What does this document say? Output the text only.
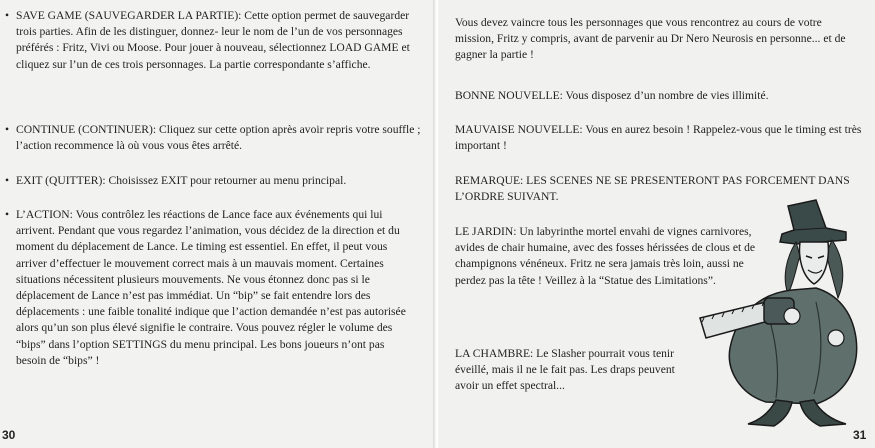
• SAVE GAME (SAUVEGARDER LA PARTIE): Cette option permet de sauvegarder trois parties. Afin de les distinguer, donnez- leur le nom de l’un de vos personnages préférés : Fritz, Vivi ou Moose. Pour jouer à nouveau, sélectionnez LOAD GAME et cliquez sur l’un de ces trois personnages. La partie correspondante s’affiche.

• CONTINUE (CONTINUER): Cliquez sur cette option après avoir repris votre souffle ; l’action recommence là où vous vous êtes arrêté.

• EXIT (QUITTER): Choisissez EXIT pour retourner au menu principal.

• L’ACTION: Vous contrôlez les réactions de Lance face aux événements qui lui arrivent. Pendant que vous regardez l’animation, vous décidez de la direction et du moment du déplacement de Lance. Le timing est essentiel. En effet, il peut vous arriver d’effectuer le mouvement correct mais à un mauvais moment. Certaines situations nécessitent plusieurs mouvements. Ne vous étonnez donc pas si le déplacement de Lance n’est pas immédiat. Un “bip” se fait entendre lors des déplacements : une faible tonalité indique que l’action demandée n’est pas autorisée alors qu’un son plus élevé signifie le contraire. Vous pouvez régler le volume des “bips” dans l’option SETTINGS du menu principal. Les bons joueurs n’ont pas besoin de “bips” !

30

Vous devez vaincre tous les personnages que vous rencontrez au cours de votre mission, Fritz y compris, avant de parvenir au Dr Nero Neurosis en personne... et de gagner la partie !

BONNE NOUVELLE: Vous disposez d’un nombre de vies illimité.

MAUVAISE NOUVELLE: Vous en aurez besoin ! Rappelez-vous que le timing est très important !

REMARQUE: LES SCENES NE SE PRESENTERONT PAS FORCEMENT DANS L’ORDRE SUIVANT.

LE JARDIN: Un labyrinthe mortel envahi de vignes carnivores, avides de chair humaine, avec des fosses hérissées de clous et de champignons vénéneux. Fritz ne sera jamais très loin, aussi ne perdez pas la tête ! Veillez à la “Statue des Limitations”.

LA CHAMBRE: Le Slasher pourrait vous tenir éveillé, mais il ne le fait pas. Les draps peuvent avoir un effet spectral...

31
